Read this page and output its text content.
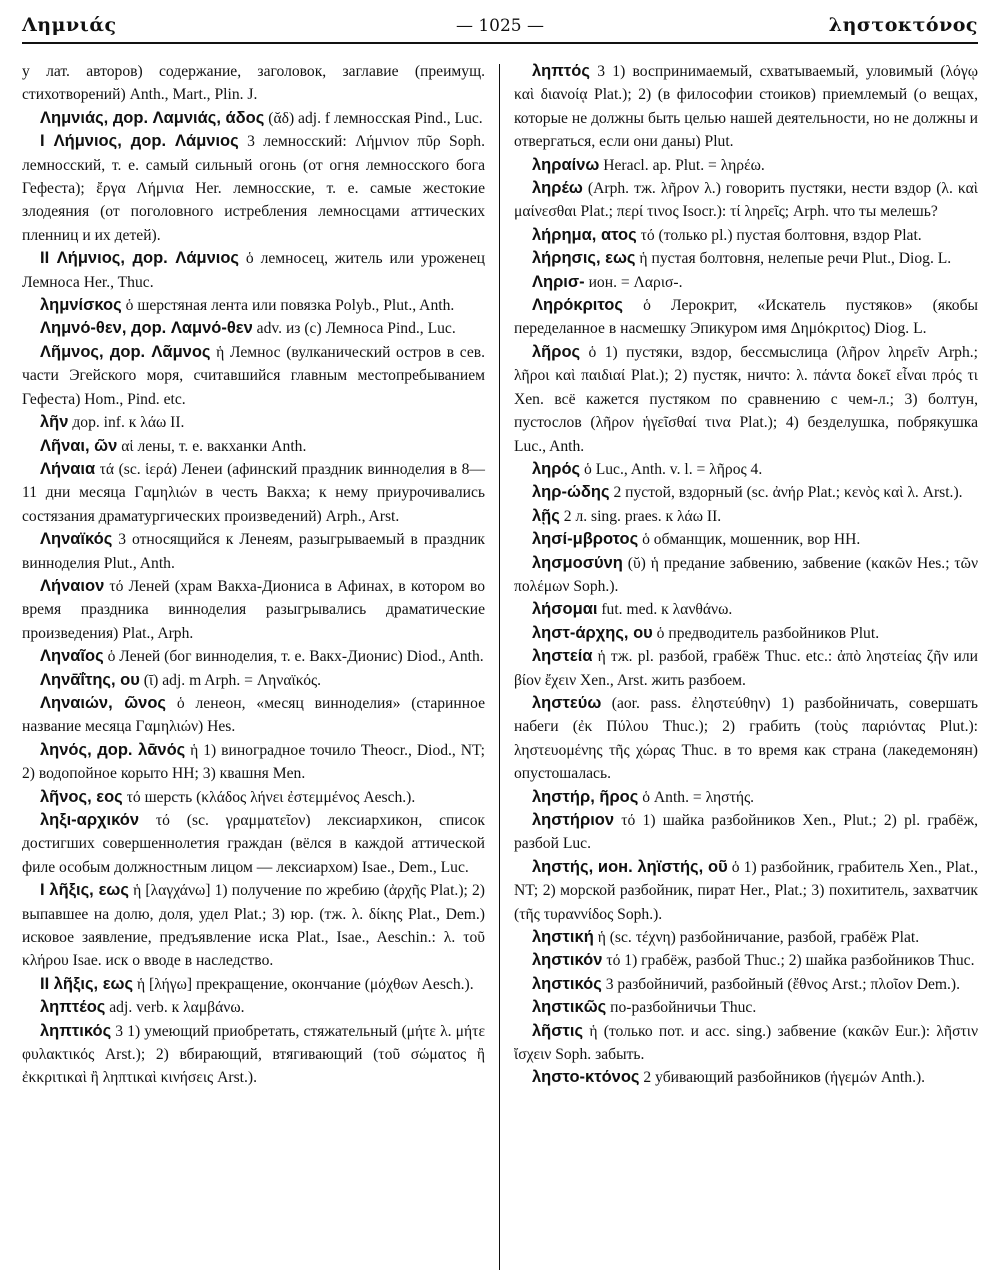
Λημνιάς	— 1025 —	ληστοκτόνος
у лат. авторов) содержание, заголовок, заглавие (преимущ. стихотворений) Anth., Mart., Plin. J.
Λημνιάς, дор. Λαμνιάς, άδος (ᾰδ) adj. f лемносская Pind., Luc.
I Λήμνιος, дор. Λάμνιος 3 лемносский: Λήμνιον πῦρ Soph. лемносский, т. е. самый сильный огонь (от огня лемносского бога Гефеста); ἔργα Λήμνια Her. лемносские, т. е. самые жестокие злодеяния (от поголовного истребления лемносцами аттических пленниц и их детей).
II Λήμνιος, дор. Λάμνιος ὁ лемносец, житель или уроженец Лемноса Her., Thuc.
λημνίσκος ὁ шерстяная лента или повязка Polyb., Plut., Anth.
Λημνό-θεν, дор. Λαμνό-θεν adv. из (с) Лемноса Pind., Luc.
Λῆμνος, дор. Λᾶμνος ἡ Лемнос (вулканический остров в сев. части Эгейского моря, считавшийся главным местопребыванием Гефеста) Hom., Pind. etc.
λῆν дор. inf. к λάω II.
Λῆναι, ῶν αἱ лены, т. е. вакханки Anth.
Λήναια τά (sc. ἱερά) Ленеи (афинский праздник винноделия в 8—11 дни месяца Γαμηλιών в честь Вакха; к нему приурочивались состязания драматургических произведений) Arph., Arst.
Ληναϊκός 3 относящийся к Ленеям, разыгрываемый в праздник винноделия Plut., Anth.
Λήναιον τό Леней (храм Вакха-Диониса в Афинах, в котором во время праздника винноделия разыгрывались драматические произведения) Plat., Arph.
Ληναῖος ὁ Леней (бог винноделия, т. е. Вакх-Дионис) Diod., Anth.
Ληνᾱΐτης, ου (ῑ) adj. m Arph. = Ληναϊκός.
Ληναιών, ῶνος ὁ ленеон, «месяц винноделия» (старинное название месяца Γαμηλιών) Hes.
ληνός, дор. λᾱνός ἡ 1) виноградное точило Theocr., Diod., NT; 2) водопойное корыто HH; 3) квашня Men.
λῆνος, εος τό шерсть (κλάδος λήνει ἐστεμμένος Aesch.).
ληξι-αρχικόν τό (sc. γραμματεῖον) лексиархикон, список достигших совершеннолетия граждан (вёлся в каждой аттической филе особым должностным лицом — лексиархом) Isae., Dem., Luc.
I λῆξις, εως ἡ [λαγχάνω] 1) получение по жребию (ἀρχῆς Plat.); 2) выпавшее на долю, доля, удел Plat.; 3) юр. (тж. λ. δίκης Plat., Dem.) исковое заявление, предъявление иска Plat., Isae., Aeschin.: λ. τοῦ κλήρου Isae. иск о вводе в наследство.
II λῆξις, εως ἡ [λήγω] прекращение, окончание (μόχθων Aesch.).
ληπτέος adj. verb. к λαμβάνω.
ληπτικός 3 1) умеющий приобретать, стяжательный (μήτε λ. μήτε φυλακτικός Arst.); 2) вбирающий, втягивающий (τοῦ σώματος ἢ ἐκκριτικαὶ ἢ ληπτικαὶ κινήσεις Arst.).
ληπτός 3 1) воспринимаемый, схватываемый, уловимый (λόγῳ καὶ διανοίᾳ Plat.); 2) (в философии стоиков) приемлемый (о вещах, которые не должны быть целью нашей деятельности, но не должны и отвергаться, если они даны) Plut.
ληραίνω Heracl. ap. Plut. = ληρέω.
ληρέω (Arph. тж. λῆρον λ.) говорить пустяки, нести вздор (λ. καὶ μαίνεσθαι Plat.; περί τινος Isocr.): τί ληρεῖς; Arph. что ты мелешь?
λήρημα, ατος τό (только pl.) пустая болтовня, вздор Plat.
λήρησις, εως ἡ пустая болтовня, нелепые речи Plut., Diog. L.
Ληρισ- ион. = Λαρισ-.
Ληρόκριτος ὁ Лерокрит, «Искатель пустяков» (якобы переделанное в насмешку Эпикуром имя Δημόκριτος) Diog. L.
λῆρος ὁ 1) пустяки, вздор, бессмыслица (λῆρον ληρεῖν Arph.; λῆροι καὶ παιδιαί Plat.); 2) пустяк, ничто: λ. πάντα δοκεῖ εἶναι πρός τι Xen. всё кажется пустяком по сравнению с чем-л.; 3) болтун, пустослов (λῆρον ἡγεῖσθαί τινα Plat.); 4) безделушка, побрякушка Luc., Anth.
ληρός ὁ Luc., Anth. v. l. = λῆρος 4.
ληρ-ώδης 2 пустой, вздорный (sc. ἀνήρ Plat.; κενὸς καὶ λ. Arst.).
λῇς 2 л. sing. praes. к λάω II.
λησί-μβροτος ὁ обманщик, мошенник, вор HH.
λησμοσύνη (ῠ) ἡ предание забвению, забвение (κακῶν Hes.; τῶν πολέμων Soph.).
λήσομαι fut. med. к λανθάνω.
ληστ-άρχης, ου ὁ предводитель разбойников Plut.
ληστεία ἡ тж. pl. разбой, грабёж Thuc. etc.: ἀπὸ ληστείας ζῆν или βίον ἔχειν Xen., Arst. жить разбоем.
ληστεύω (aor. pass. ἐληστεύθην) 1) разбойничать, совершать набеги (ἐκ Πύλου Thuc.); 2) грабить (τοὺς παριόντας Plut.): ληστευομένης τῆς χώρας Thuc. в то время как страна (лакедемонян) опустошалась.
ληστήρ, ῆρος ὁ Anth. = ληστής.
ληστήριον τό 1) шайка разбойников Xen., Plut.; 2) pl. грабёж, разбой Luc.
ληστής, ион. ληϊστής, οῦ ὁ 1) разбойник, грабитель Xen., Plat., NT; 2) морской разбойник, пират Her., Plat.; 3) похититель, захватчик (τῆς τυραννίδος Soph.).
ληστική ἡ (sc. τέχνη) разбойничание, разбой, грабёж Plat.
ληστικόν τό 1) грабёж, разбой Thuc.; 2) шайка разбойников Thuc.
ληστικός 3 разбойничий, разбойный (ἔθνος Arst.; πλοῖον Dem.).
ληστικῶς по-разбойничьи Thuc.
λῆστις ἡ (только пот. и acc. sing.) забвение (κακῶν Eur.): λῆστιν ἴσχειν Soph. забыть.
ληστο-κτόνος 2 убивающий разбойников (ἡγεμών Anth.).
